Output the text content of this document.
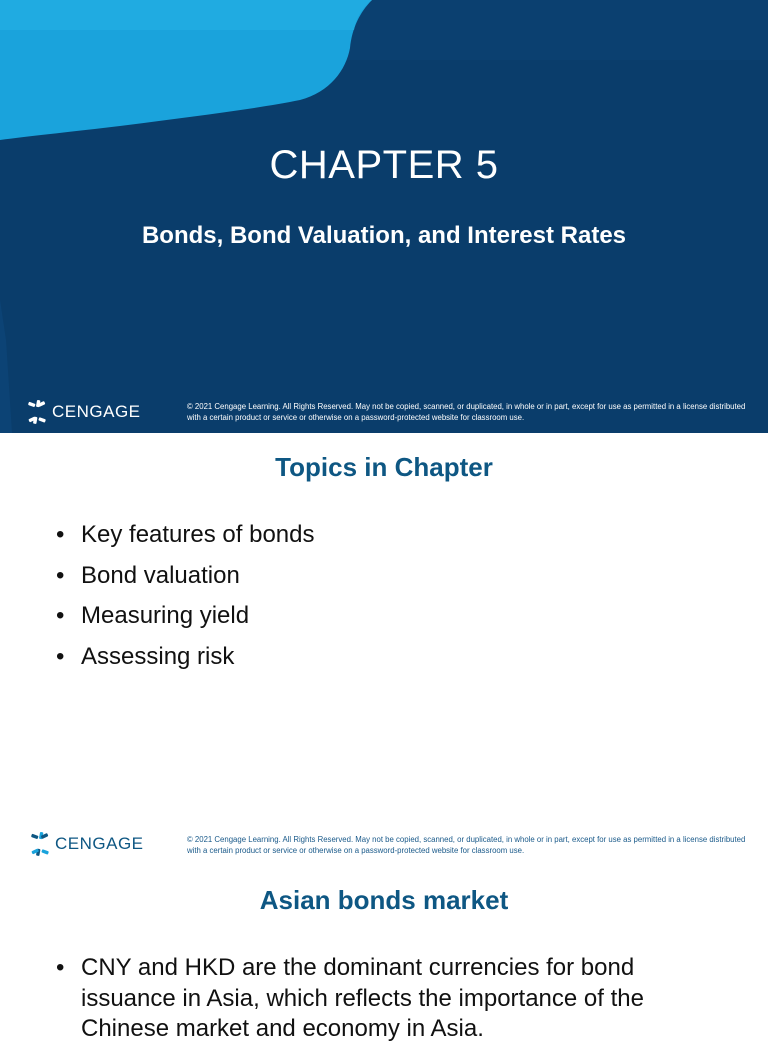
CHAPTER 5
Bonds, Bond Valuation, and Interest Rates
CENGAGE	© 2021 Cengage Learning. All Rights Reserved. May not be copied, scanned, or duplicated, in whole or in part, except for use as permitted in a license distributed with a certain product or service or otherwise on a password-protected website for classroom use.
Topics in Chapter
• Key features of bonds
• Bond valuation
• Measuring yield
• Assessing risk
CENGAGE	© 2021 Cengage Learning. All Rights Reserved. May not be copied, scanned, or duplicated, in whole or in part, except for use as permitted in a license distributed with a certain product or service or otherwise on a password-protected website for classroom use.
Asian bonds market
• CNY and HKD are the dominant currencies for bond issuance in Asia, which reflects the importance of the Chinese market and economy in Asia.
